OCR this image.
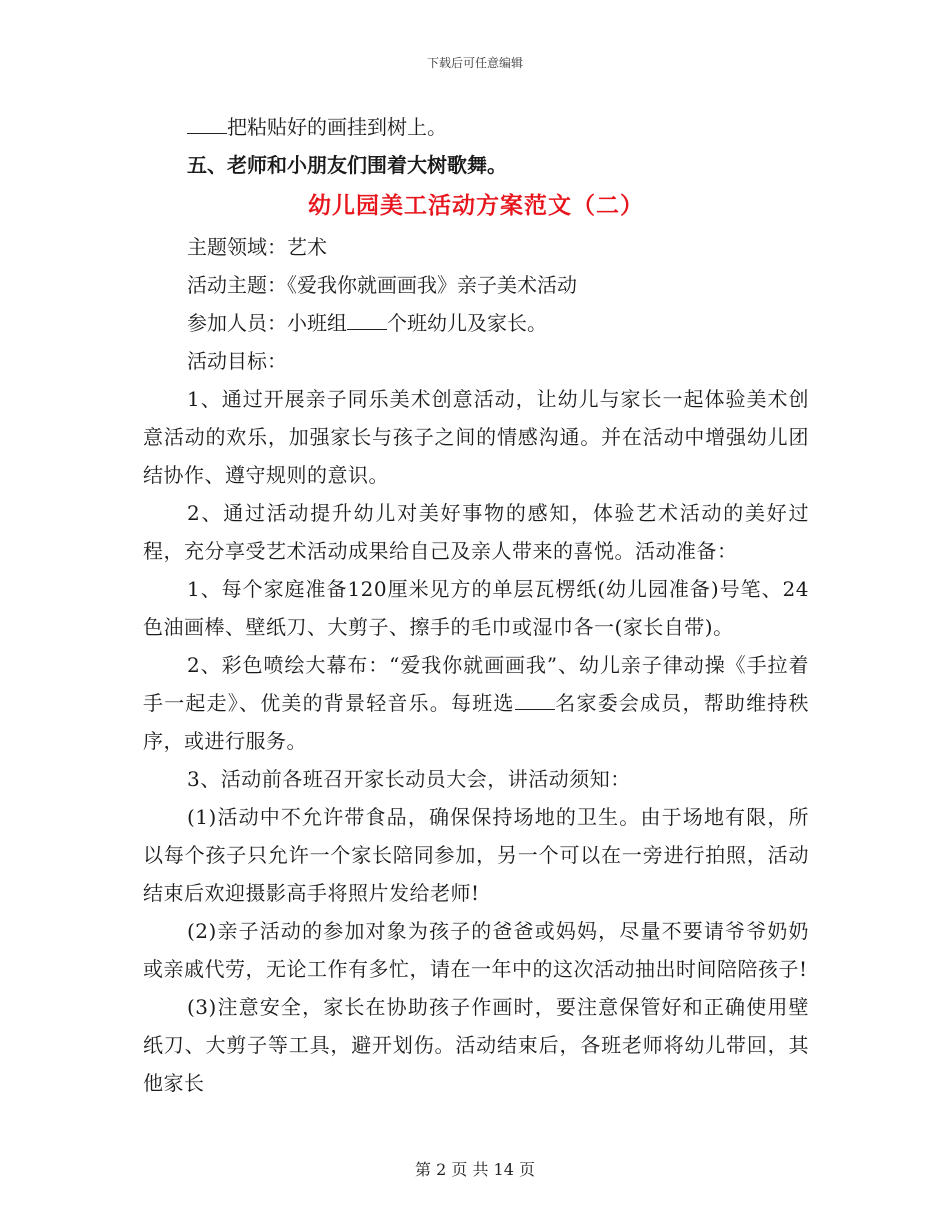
下载后可任意编辑
把粘贴好的画挂到树上。
五、老师和小朋友们围着大树歌舞。
幼儿园美工活动方案范文（二）
主题领域：艺术
活动主题：《爱我你就画画我》亲子美术活动
参加人员：小班组 个班幼儿及家长。
活动目标：

1、通过开展亲子同乐美术创意活动，让幼儿与家长一起体验美术创意活动的欢乐，加强家长与孩子之间的情感沟通。并在活动中增强幼儿团结协作、遵守规则的意识。

2、通过活动提升幼儿对美好事物的感知，体验艺术活动的美好过程，充分享受艺术活动成果给自己及亲人带来的喜悦。活动准备：

1、每个家庭准备120厘米见方的单层瓦楞纸(幼儿园准备)号笔、24色油画棒、壁纸刀、大剪子、擦手的毛巾或湿巾各一(家长自带)。

2、彩色喷绘大幕布：“爱我你就画画我”、幼儿亲子律动操《手拉着手一起走》、优美的背景轻音乐。每班选 名家委会成员，帮助维持秩序，或进行服务。

3、活动前各班召开家长动员大会，讲活动须知：

(1)活动中不允许带食品，确保保持场地的卫生。由于场地有限，所以每个孩子只允许一个家长陪同参加，另一个可以在一旁进行拍照，活动结束后欢迎摄影高手将照片发给老师!

(2)亲子活动的参加对象为孩子的爸爸或妈妈，尽量不要请爷爷奶奶或亲戚代劳，无论工作有多忙，请在一年中的这次活动抽出时间陪陪孩子!

(3)注意安全，家长在协助孩子作画时，要注意保管好和正确使用壁纸刀、大剪子等工具，避开划伤。活动结束后，各班老师将幼儿带回，其他家长

第 2 页 共 14 页
